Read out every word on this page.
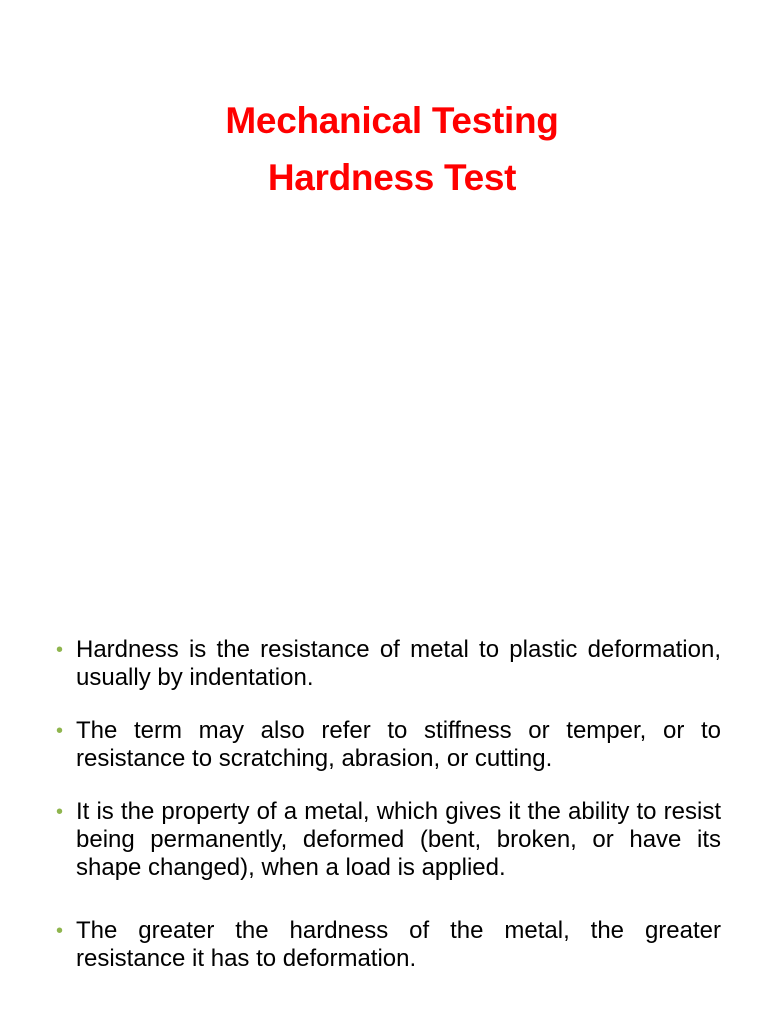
Mechanical Testing
Hardness Test
• Hardness is the resistance of metal to plastic deformation, usually by indentation.
• The term may also refer to stiffness or temper, or to resistance to scratching, abrasion, or cutting.
• It is the property of a metal, which gives it the ability to resist being permanently, deformed (bent, broken, or have its shape changed), when a load is applied.
• The greater the hardness of the metal, the greater resistance it has to deformation.
